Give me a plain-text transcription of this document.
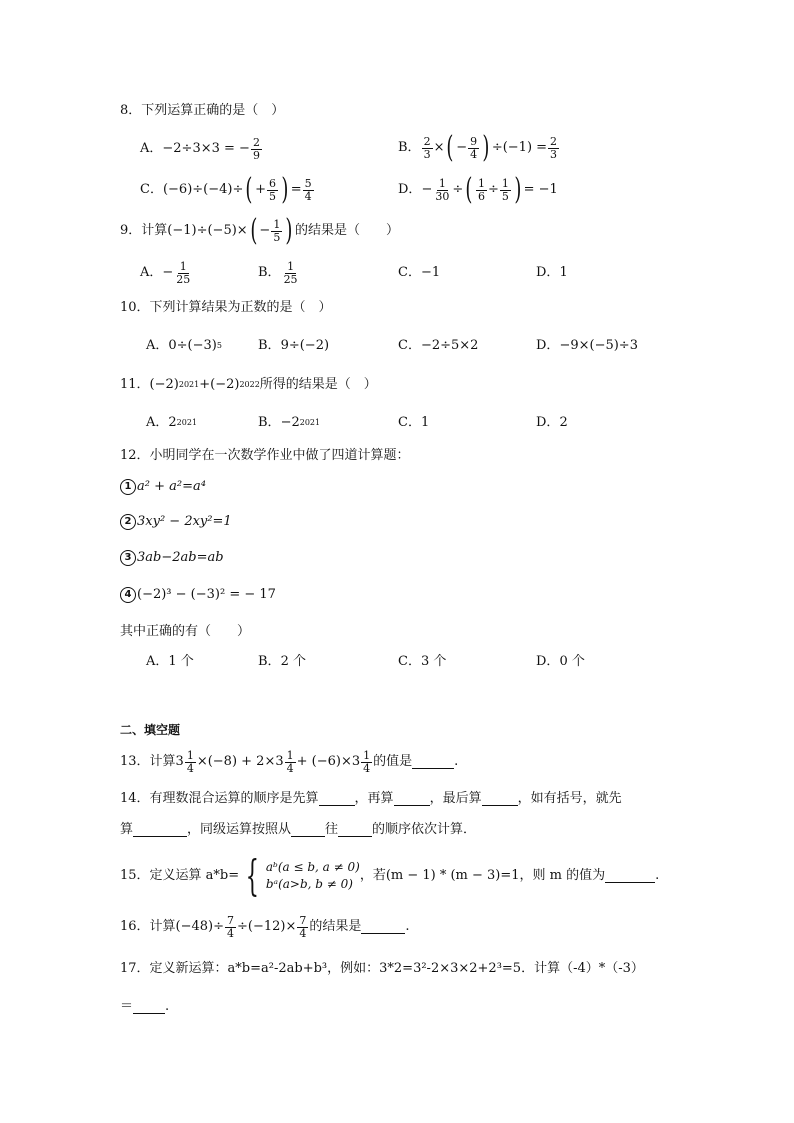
8．下列运算正确的是（　）
A． −2÷3×3 = − $\frac{2}{9}$	B． 2
3 × ( − 9
4 ) $\div(-1) = \frac{2}{3}$
C． (−6)÷(−4)÷ ( + 6
5 ) = $\frac{5}{4}$	D． − 1
30 ÷ ( 1
6 ÷ 1
5 ) = −1
9．计算 (−1)÷(−5)× ( − 1
5 ) 的结果是（　　）
A． − 1
25	B． 1
25	C． −1	D． 1
10．下列计算结果为正数的是（　）
A． 0÷(−3) 5	B． 9÷(−2)	C． −2÷5×2	D． −9×(−5)÷3
11． (−2) 2021 + (−2) 2022 所得的结果是（　）
A． 2 2021	B． −2 2021	C． 1	D． 2
12．小明同学在一次数学作业中做了四道计算题：
1 a² + a²=a⁴
2 3xy² − 2xy²=1
3 3ab−2ab=ab
4 (−2)³ − (−3)² = − 17
其中正确的有（　　）
A． 1 个	B． 2 个	C． 3 个	D． 0 个
二、填空题
13．计算 $3 \frac{1}{4} \times(-8) + 2\times 3$ 1
4 + (−6)×3 1
4 的值是	.
14．有理数混合运算的顺序是先算	，再算	，最后算	，如有括号，就先
算	，同级运算按照从	往	的顺序依次计算．
15．定义运算 a*b= { aᵇ(a ≤ b, a ≠ 0)
bᵃ(a>b, b ≠ 0)
，若(m − 1) * (m − 3)=1，则 m 的值为	.
16．计算 $(-48)\div \frac{7}{4} \div(-12)\times \frac{7}{4}$ 的结果是	.
17．定义新运算：a*b=a²-2ab+b³，例如：3*2=3²-2×3×2+2³=5．计算（-4）*（-3）
＝ .
